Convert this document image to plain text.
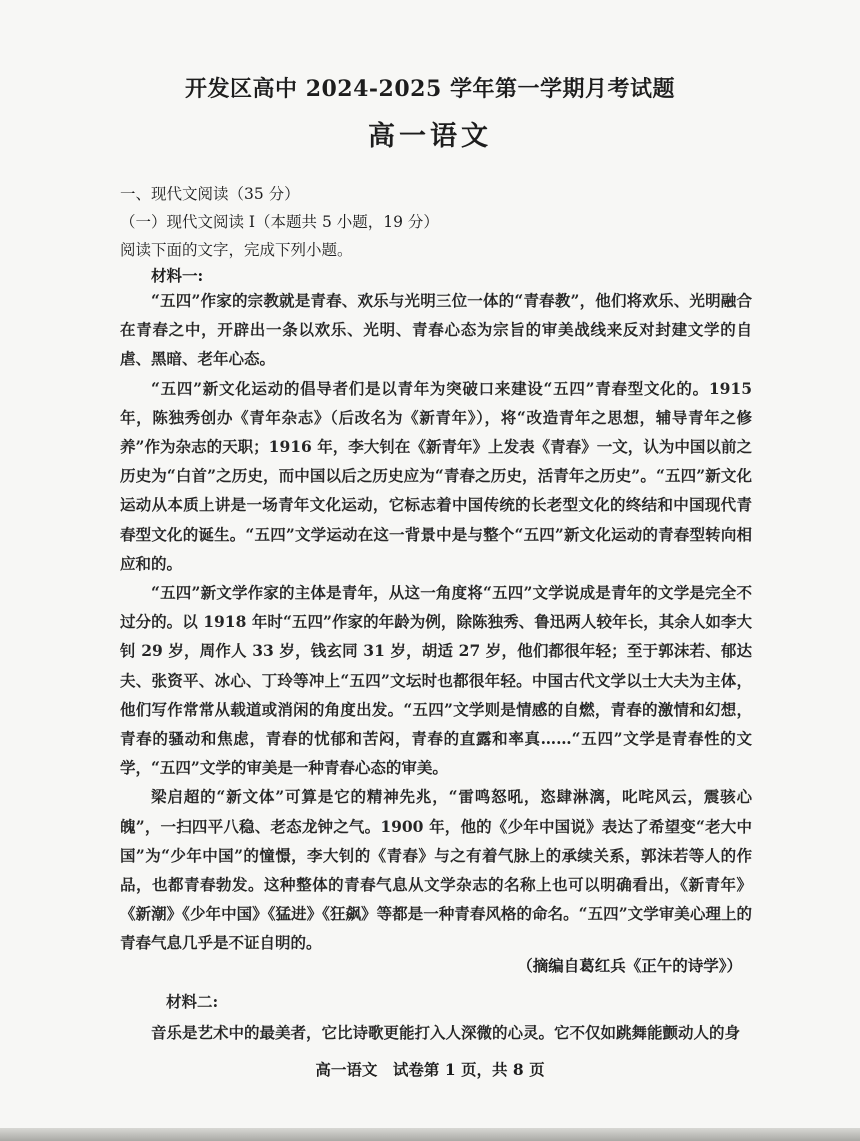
开发区高中 2024-2025 学年第一学期月考试题
高一语文
一、现代文阅读（35 分）
（一）现代文阅读 I（本题共 5 小题，19 分）
阅读下面的文字，完成下列小题。
材料一:

“五四”作家的宗教就是青春、欢乐与光明三位一体的“青春教”，他们将欢乐、光明融合在青春之中，开辟出一条以欢乐、光明、青春心态为宗旨的审美战线来反对封建文学的自虐、黑暗、老年心态。

“五四”新文化运动的倡导者们是以青年为突破口来建设“五四”青春型文化的。1915年，陈独秀创办《青年杂志》（后改名为《新青年》），将“改造青年之思想，辅导青年之修养”作为杂志的天职；1916 年，李大钊在《新青年》上发表《青春》一文，认为中国以前之历史为“白首”之历史，而中国以后之历史应为“青春之历史，活青年之历史”。“五四”新文化运动从本质上讲是一场青年文化运动，它标志着中国传统的长老型文化的终结和中国现代青春型文化的诞生。“五四”文学运动在这一背景中是与整个“五四”新文化运动的青春型转向相应和的。

“五四”新文学作家的主体是青年，从这一角度将“五四”文学说成是青年的文学是完全不过分的。以 1918 年时“五四”作家的年龄为例，除陈独秀、鲁迅两人较年长，其余人如李大钊 29 岁，周作人 33 岁，钱玄同 31 岁，胡适 27 岁，他们都很年轻；至于郭沫若、郁达夫、张资平、冰心、丁玲等冲上“五四”文坛时也都很年轻。中国古代文学以士大夫为主体，他们写作常常从载道或消闲的角度出发。“五四”文学则是情感的自燃，青春的激情和幻想，青春的骚动和焦虑，青春的忧郁和苦闷，青春的直露和率真……“五四”文学是青春性的文学，“五四”文学的审美是一种青春心态的审美。

梁启超的“新文体”可算是它的精神先兆，“雷鸣怒吼，恣肆淋漓，叱咤风云，震骇心魄”，一扫四平八稳、老态龙钟之气。1900 年，他的《少年中国说》表达了希望变“老大中国”为“少年中国”的憧憬，李大钊的《青春》与之有着气脉上的承续关系，郭沫若等人的作品，也都青春勃发。这种整体的青春气息从文学杂志的名称上也可以明确看出，《新青年》《新潮》《少年中国》《猛进》《狂飙》等都是一种青春风格的命名。“五四”文学审美心理上的青春气息几乎是不证自明的。

（摘编自葛红兵《正午的诗学》）
材料二:
音乐是艺术中的最美者，它比诗歌更能打入人深微的心灵。它不仅如跳舞能颤动人的身
高一语文　试卷第 1 页，共 8 页
